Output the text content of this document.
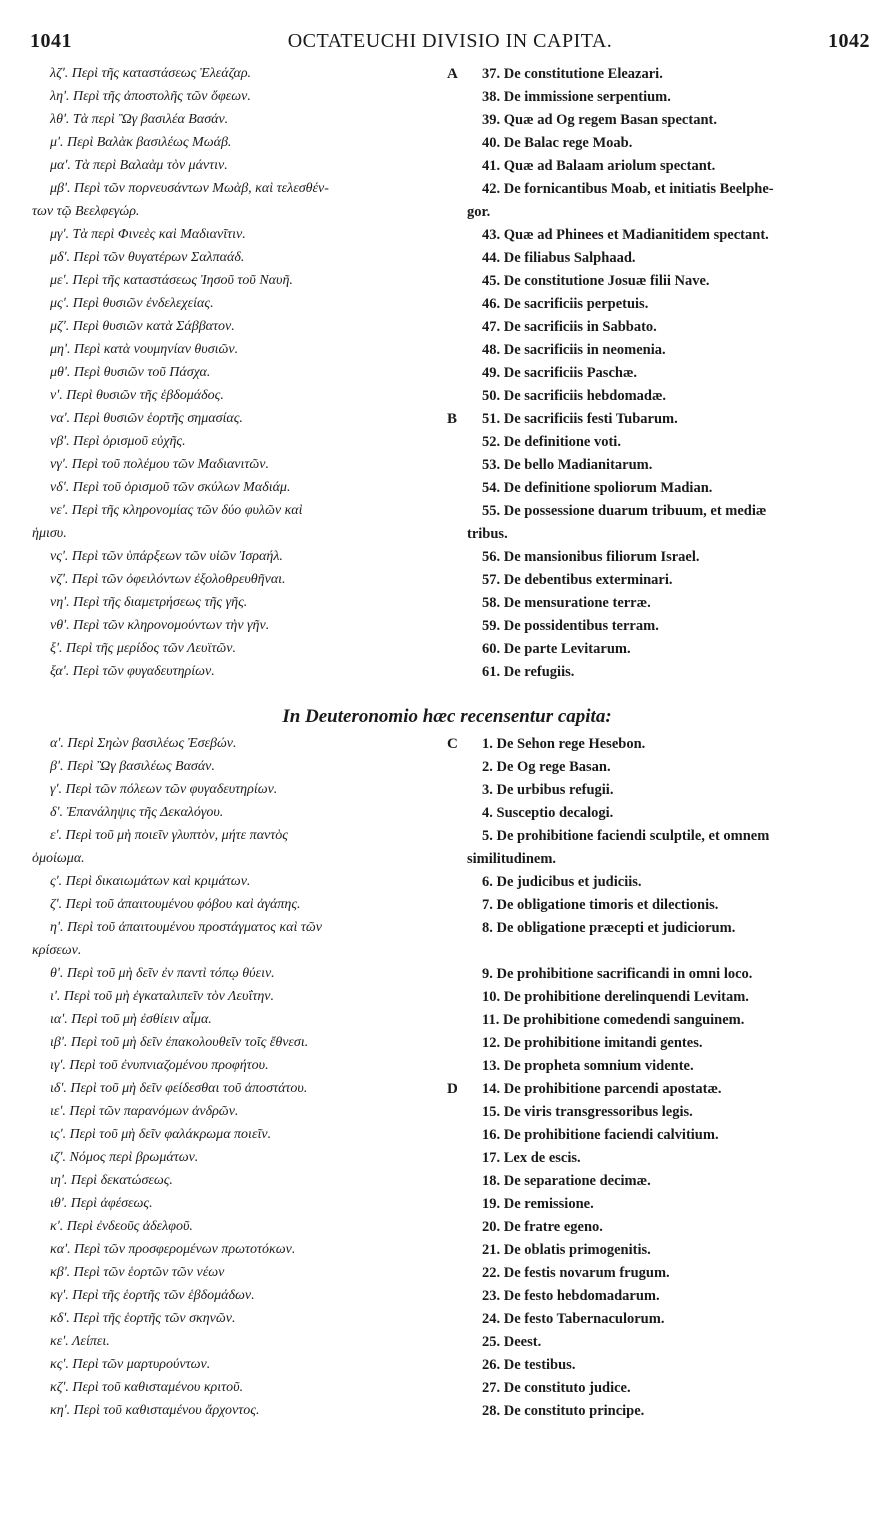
1041	OCTATEUCHI DIVISIO IN CAPITA.	1042
λζʹ. Περὶ τῆς καταστάσεως Ἐλεάζαρ.	A 37. De constitutione Eleazari.
ληʹ. Περὶ τῆς ἀποστολῆς τῶν ὄφεων.	38. De immissione serpentium.
λθʹ. Τὰ περὶ Ὢγ βασιλέα Βασάν.	39. Quæ ad Og regem Basan spectant.
μʹ. Περὶ Βαλὰκ βασιλέως Μωάβ.	40. De Balac rege Moab.
μαʹ. Τὰ περὶ Βαλαὰμ τὸν μάντιν.	41. Quæ ad Balaam ariolum spectant.
μβʹ. Περὶ τῶν πορνευσάντων Μωὰβ, καὶ τελεσθέν-	42. De fornicantibus Moab, et initiatis Beelphe-
των τῷ Βεελφεγώρ.	gor.
μγʹ. Τὰ περὶ Φινεὲς καὶ Μαδιανῖτιν.	43. Quæ ad Phinees et Madianitidem spectant.
μδʹ. Περὶ τῶν θυγατέρων Σαλπαάδ.	44. De filiabus Salphaad.
μεʹ. Περὶ τῆς καταστάσεως Ἰησοῦ τοῦ Ναυῆ.	45. De constitutione Josuæ filii Nave.
μςʹ. Περὶ θυσιῶν ἐνδελεχείας.	46. De sacrificiis perpetuis.
μζʹ. Περὶ θυσιῶν κατὰ Σάββατον.	47. De sacrificiis in Sabbato.
μηʹ. Περὶ κατὰ νουμηνίαν θυσιῶν.	48. De sacrificiis in neomenia.
μθʹ. Περὶ θυσιῶν τοῦ Πάσχα.	49. De sacrificiis Paschæ.
νʹ. Περὶ θυσιῶν τῆς ἑβδομάδος.	50. De sacrificiis hebdomadæ.
ναʹ. Περὶ θυσιῶν ἑορτῆς σημασίας.	B 51. De sacrificiis festi Tubarum.
νβʹ. Περὶ ὁρισμοῦ εὐχῆς.	52. De definitione voti.
νγʹ. Περὶ τοῦ πολέμου τῶν Μαδιανιτῶν.	53. De bello Madianitarum.
νδʹ. Περὶ τοῦ ὁρισμοῦ τῶν σκύλων Μαδιάμ.	54. De definitione spoliorum Madian.
νεʹ. Περὶ τῆς κληρονομίας τῶν δύο φυλῶν καὶ	55. De possessione duarum tribuum, et mediæ
ἡμισυ.	tribus.
νςʹ. Περὶ τῶν ὑπάρξεων τῶν υἱῶν Ἰσραήλ.	56. De mansionibus filiorum Israel.
νζʹ. Περὶ τῶν ὀφειλόντων ἐξολοθρευθῆναι.	57. De debentibus exterminari.
νηʹ. Περὶ τῆς διαμετρήσεως τῆς γῆς.	58. De mensuratione terræ.
νθʹ. Περὶ τῶν κληρονομούντων τὴν γῆν.	59. De possidentibus terram.
ξʹ. Περὶ τῆς μερίδος τῶν Λευϊτῶν.	60. De parte Levitarum.
ξαʹ. Περὶ τῶν φυγαδευτηρίων.	61. De refugiis.
In Deuteronomio hæc recensentur capita:
αʹ. Περὶ Σηὼν βασιλέως Ἐσεβών.	C 1. De Sehon rege Hesebon.
βʹ. Περὶ Ὢγ βασιλέως Βασάν.	2. De Og rege Basan.
γʹ. Περὶ τῶν πόλεων τῶν φυγαδευτηρίων.	3. De urbibus refugii.
δʹ. Ἐπανάληψις τῆς Δεκαλόγου.	4. Susceptio decalogi.
εʹ. Περὶ τοῦ μὴ ποιεῖν γλυπτὸν, μήτε παντὸς	5. De prohibitione faciendi sculptile, et omnem
ὁμοίωμα.	similitudinem.
ςʹ. Περὶ δικαιωμάτων καὶ κριμάτων.	6. De judicibus et judiciis.
ζʹ. Περὶ τοῦ ἀπαιτουμένου φόβου καὶ ἀγάπης.	7. De obligatione timoris et dilectionis.
ηʹ. Περὶ τοῦ ἀπαιτουμένου προστάγματος καὶ τῶν	8. De obligatione præcepti et judiciorum.
κρίσεων.
θʹ. Περὶ τοῦ μὴ δεῖν ἐν παντὶ τόπῳ θύειν.	9. De prohibitione sacrificandi in omni loco.
ιʹ. Περὶ τοῦ μὴ ἐγκαταλιπεῖν τὸν Λευΐτην.	10. De prohibitione derelinquendi Levitam.
ιαʹ. Περὶ τοῦ μὴ ἐσθίειν αἷμα.	11. De prohibitione comedendi sanguinem.
ιβʹ. Περὶ τοῦ μὴ δεῖν ἐπακολουθεῖν τοῖς ἔθνεσι.	12. De prohibitione imitandi gentes.
ιγʹ. Περὶ τοῦ ἐνυπνιαζομένου προφήτου.	13. De propheta somnium vidente.
ιδʹ. Περὶ τοῦ μὴ δεῖν φείδεσθαι τοῦ ἀποστάτου.	D 14. De prohibitione parcendi apostatæ.
ιεʹ. Περὶ τῶν παρανόμων ἀνδρῶν.	15. De viris transgressoribus legis.
ιςʹ. Περὶ τοῦ μὴ δεῖν φαλάκρωμα ποιεῖν.	16. De prohibitione faciendi calvitium.
ιζʹ. Νόμος περὶ βρωμάτων.	17. Lex de escis.
ιηʹ. Περὶ δεκατώσεως.	18. De separatione decimæ.
ιθʹ. Περὶ ἀφέσεως.	19. De remissione.
κʹ. Περὶ ἐνδεοῦς ἀδελφοῦ.	20. De fratre egeno.
καʹ. Περὶ τῶν προσφερομένων πρωτοτόκων.	21. De oblatis primogenitis.
κβʹ. Περὶ τῶν ἑορτῶν τῶν νέων	22. De festis novarum frugum.
κγʹ. Περὶ τῆς ἑορτῆς τῶν ἑβδομάδων.	23. De festo hebdomadarum.
κδʹ. Περὶ τῆς ἑορτῆς τῶν σκηνῶν.	24. De festo Tabernaculorum.
κεʹ. Λείπει.	25. Deest.
κςʹ. Περὶ τῶν μαρτυρούντων.	26. De testibus.
κζʹ. Περὶ τοῦ καθισταμένου κριτοῦ.	27. De constituto judice.
κηʹ. Περὶ τοῦ καθισταμένου ἄρχοντος.	28. De constituto principe.
